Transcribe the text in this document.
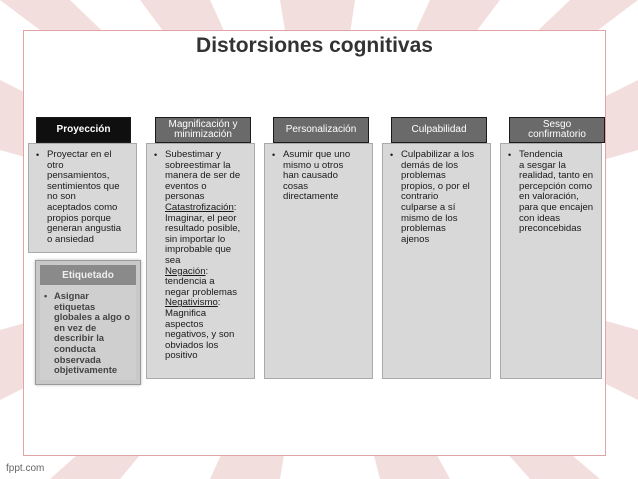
Distorsiones cognitivas
Etiquetado
• Asignar etiquetas
globales a algo o
en vez de
describir la
conducta
observada
objetivamente
Proyección
• Proyectar en el
otro
pensamientos,
sentimientos que
no son
aceptados como
propios porque
generan angustia
o ansiedad
Magnificación y
minimización
• Subestimar y
sobreestimar la
manera de ser de
eventos o
personas
Catastrofización:
Imaginar, el peor
resultado posible,
sin importar lo
improbable que
sea
Negación:
tendencia a
negar problemas
Negativismo:
Magnifica
aspectos
negativos, y son
obviados los
positivo
Personalización
• Asumir que uno
mismo u otros
han causado
cosas
directamente
Culpabilidad
• Culpabilizar a los
demás de los
problemas
propios, o por el
contrario
culparse a sí
mismo de los
problemas
ajenos
Sesgo
confirmatorio
• Tendencia
a sesgar la
realidad, tanto en
percepción como
en valoración,
para que encajen
con ideas
preconcebidas
fppt.com
